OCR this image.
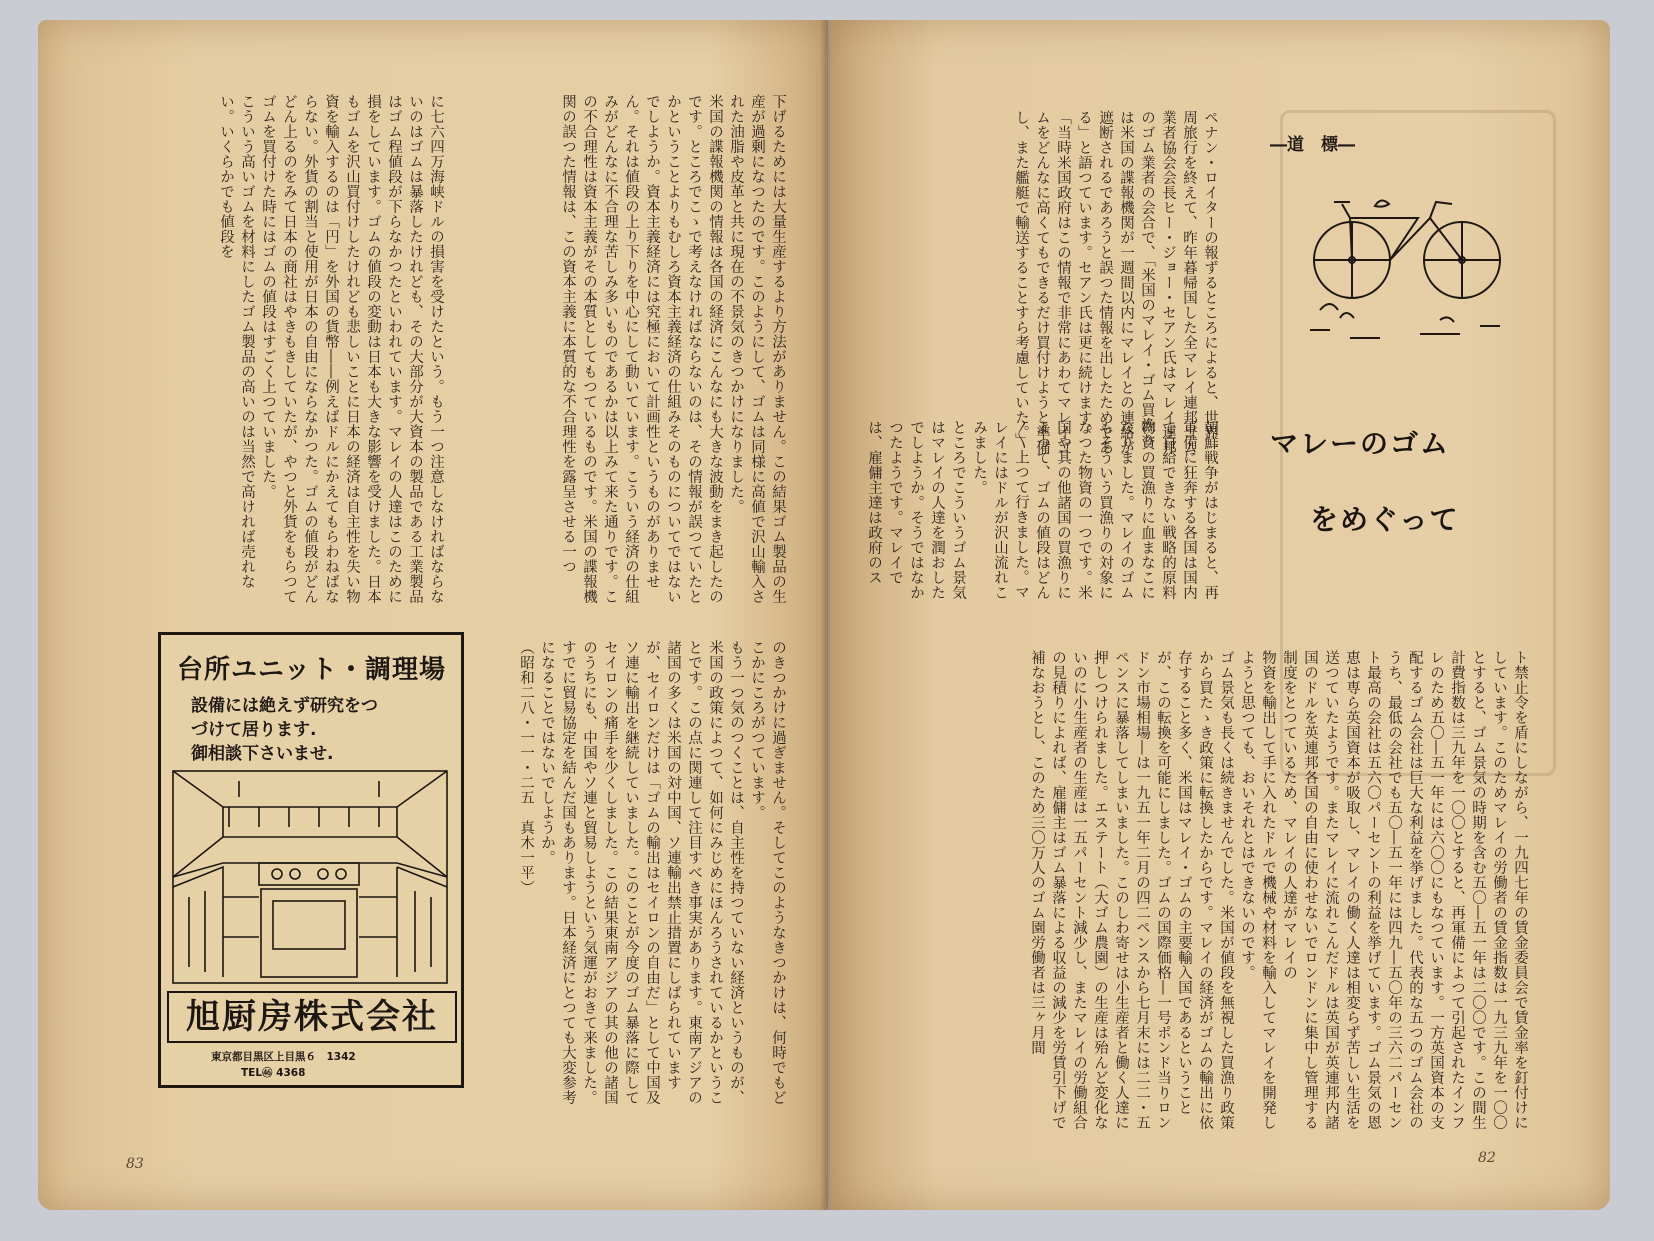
に七六四万海峡ドルの損害を受けたという。もう一つ注意しなければならないのはゴムは暴落したけれども、その大部分が大資本の製品である工業製品はゴム程値段が下らなかつたといわれています。マレイの人達はこのために損をしています。ゴムの値段の変動は日本も大きな影響を受けました。日本もゴムを沢山買付けしたけれども悲しいことに日本の経済は自主性を失い物資を輸入するのは「円」を外国の貨幣――例えばドルにかえてもらわねばならない。外貨の割当と使用が日本の自由にならなかつた。ゴムの値段がどんどん上るのをみて日本の商社はやきもきしていたが、やつと外貨をもらつてゴムを買付けた時にはゴムの値段はすごく上つていました。
こういう高いゴムを材料にしたゴム製品の高いのは当然で高ければ売れない。いくらかでも値段を	下げるためには大量生産するより方法がありません。この結果ゴム製品の生産が過剰になつたのです。このようにして、ゴムは同様に高値で沢山輸入された油脂や皮革と共に現在の不景気のきつかけになりました。
米国の諜報機関の情報は各国の経済にこんなにも大きな波動をまき起したのです。ところでこゝで考えなければならないのは、その情報が誤つていたとかということよりもむしろ資本主義経済の仕組みそのものについてではないでしようか。資本主義経済には究極において計画性というものがありません。それは値段の上り下りを中心にして動いています。こういう経済の仕組みがどんなに不合理な苦しみ多いものであるかは以上みて来た通りです。この不合理性は資本主義がその本質としてもつているものです。米国の諜報機関の誤つた情報は、この資本主義に本質的な不合理性を露呈させる一つ
のきつかけに過ぎません。そしてこのようなきつかけは、何時でもどこかにころがつています。
もう一つ気のつくことは、自主性を持つていない経済というものが、米国の政策によつて、如何にみじめにほんろうされているかということです。この点に関連して注目すべき事実があります。東南アジアの諸国の多くは米国の対中国、ソ連輸出禁止措置にしばられていますが、セイロンだけは「ゴムの輸出はセイロンの自由だ」として中国及ソ連に輸出を継続していました。このことが今度のゴム暴落に際してセイロンの痛手を少くしました。この結果東南アジアの其の他の諸国のうちにも、中国やソ連と貿易しようという気運がおきて来ました。すでに貿易協定を結んだ国もあります。日本経済にとつても大変参考になることではないでしようか。
（昭和二八・一一・二五　真木一平）
台所ユニット・調理場
設備には絶えず研究をつ
づけて居ります.
御相談下さいませ.
旭厨房株式会社
東京都目黒区上目黒６　1342
TEL㊻ 4368
83
ペナン・ロイターの報ずるところによると、世界一周旅行を終えて、昨年暮帰国した全マレイ連邦ゴム業者協会会長ヒー・ジョー・セアン氏はマレイ連邦のゴム業者の会合で、「米国のマレイ・ゴム買漁りは米国の諜報機関が一週間以内にマレイとの連絡が遮断されるであろうと誤つた情報を出したためである」と語つています。セアン氏は更に続けます。「当時米国政府はこの情報で非常にあわてマレイゴムをどんなに高くてもできるだけ買付けようと準備し、また艦艇で輸送することすら考慮していた。」
朝鮮戦争がはじまると、再軍備に狂奔する各国は国内で自給できない戦略的原料物資の買漁りに血まなこになりました。マレイのゴムもそういう買漁りの対象になつた物資の一つです。米国や其の他諸国の買漁りによつて、ゴムの値段はどん〳〵上つて行きました。マレイにはドルが沢山流れこみました。
ところでこういうゴム景気はマレイの人達を潤おしたでしようか。そうではなかつたようです。マレイでは、雇傭主達は政府のス
ト禁止令を盾にしながら、一九四七年の賃金委員会で賃金率を釘付けにしています。このためマレイの労働者の賃金指数は一九三九年を一〇〇とすると、ゴム景気の時期を含む五〇―五一年は二〇〇です。この間生計費指数は三九年を一〇〇とすると、再軍備によつて引起されたインフレのため五〇―五一年には六〇〇にもなつています。一方英国資本の支配するゴム会社は巨大な利益を挙げました。代表的な五つのゴム会社のうち、最低の会社でも五〇―五一年には四九―五〇年の三六二パーセント最高の会社は五六〇パーセントの利益を挙げています。ゴム景気の恩恵は専ら英国資本が吸取し、マレイの働く人達は相変らず苦しい生活を送つていたようです。またマレイに流れこんだドルは英国が英連邦内諸国のドルを英連邦各国の自由に使わせないでロンドンに集中し管理する制度をとつているため、マレイの人達がマレイの
物資を輸出して手に入れたドルで機械や材料を輸入してマレイを開発しようと思つても、おいそれとはできないのです。
ゴム景気も長くは続きませんでした。米国が値段を無視した買漁り政策から買たゝき政策に転換したからです。マレイの経済がゴムの輸出に依存すること多く、米国はマレイ・ゴムの主要輸入国であるということが、この転換を可能にしました。ゴムの国際価格―一号ポンド当りロンドン市場相場―は一九五一年二月の四二ペンスから七月末には二二・五ペンスに暴落してしまいました。このしわ寄せは小生産者と働く人達に押しつけられました。エステート（大ゴム農園）の生産は殆んど変化ないのに小生産者の生産は一五パーセント減少し、またマレイの労働組合の見積りによれば、雇傭主はゴム暴落による収益の減少を労賃引下げで補なおうとし、このため三〇万人のゴム園労働者は三ヶ月間
―道　標―
マレーのゴム
をめぐって
82
